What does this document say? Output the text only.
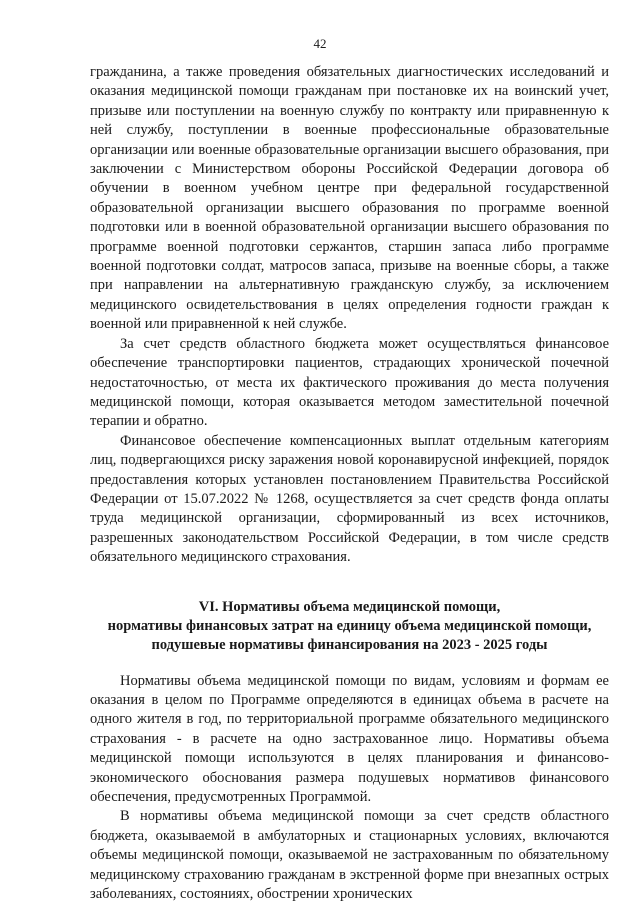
42

гражданина, а также проведения обязательных диагностических исследований и оказания медицинской помощи гражданам при постановке их на воинский учет, призыве или поступлении на военную службу по контракту или приравненную к ней службу, поступлении в военные профессиональные образовательные организации или военные образовательные организации высшего образования, при заключении с Министерством обороны Российской Федерации договора об обучении в военном учебном центре при федеральной государственной образовательной организации высшего образования по программе военной подготовки или в военной образовательной организации высшего образования по программе военной подготовки сержантов, старшин запаса либо программе военной подготовки солдат, матросов запаса, призыве на военные сборы, а также при направлении на альтернативную гражданскую службу, за исключением медицинского освидетельствования в целях определения годности граждан к военной или приравненной к ней службе.

За счет средств областного бюджета может осуществляться финансовое обеспечение транспортировки пациентов, страдающих хронической почечной недостаточностью, от места их фактического проживания до места получения медицинской помощи, которая оказывается методом заместительной почечной терапии и обратно.

Финансовое обеспечение компенсационных выплат отдельным категориям лиц, подвергающихся риску заражения новой коронавирусной инфекцией, порядок предоставления которых установлен постановлением Правительства Российской Федерации от 15.07.2022 № 1268, осуществляется за счет средств фонда оплаты труда медицинской организации, сформированный из всех источников, разрешенных законодательством Российской Федерации, в том числе средств обязательного медицинского страхования.

VI. Нормативы объема медицинской помощи,
нормативы финансовых затрат на единицу объема медицинской помощи,
подушевые нормативы финансирования на 2023 - 2025 годы

Нормативы объема медицинской помощи по видам, условиям и формам ее оказания в целом по Программе определяются в единицах объема в расчете на одного жителя в год, по территориальной программе обязательного медицинского страхования - в расчете на одно застрахованное лицо. Нормативы объема медицинской помощи используются в целях планирования и финансово-экономического обоснования размера подушевых нормативов финансового обеспечения, предусмотренных Программой.

В нормативы объема медицинской помощи за счет средств областного бюджета, оказываемой в амбулаторных и стационарных условиях, включаются объемы медицинской помощи, оказываемой не застрахованным по обязательному медицинскому страхованию гражданам в экстренной форме при внезапных острых заболеваниях, состояниях, обострении хронических
